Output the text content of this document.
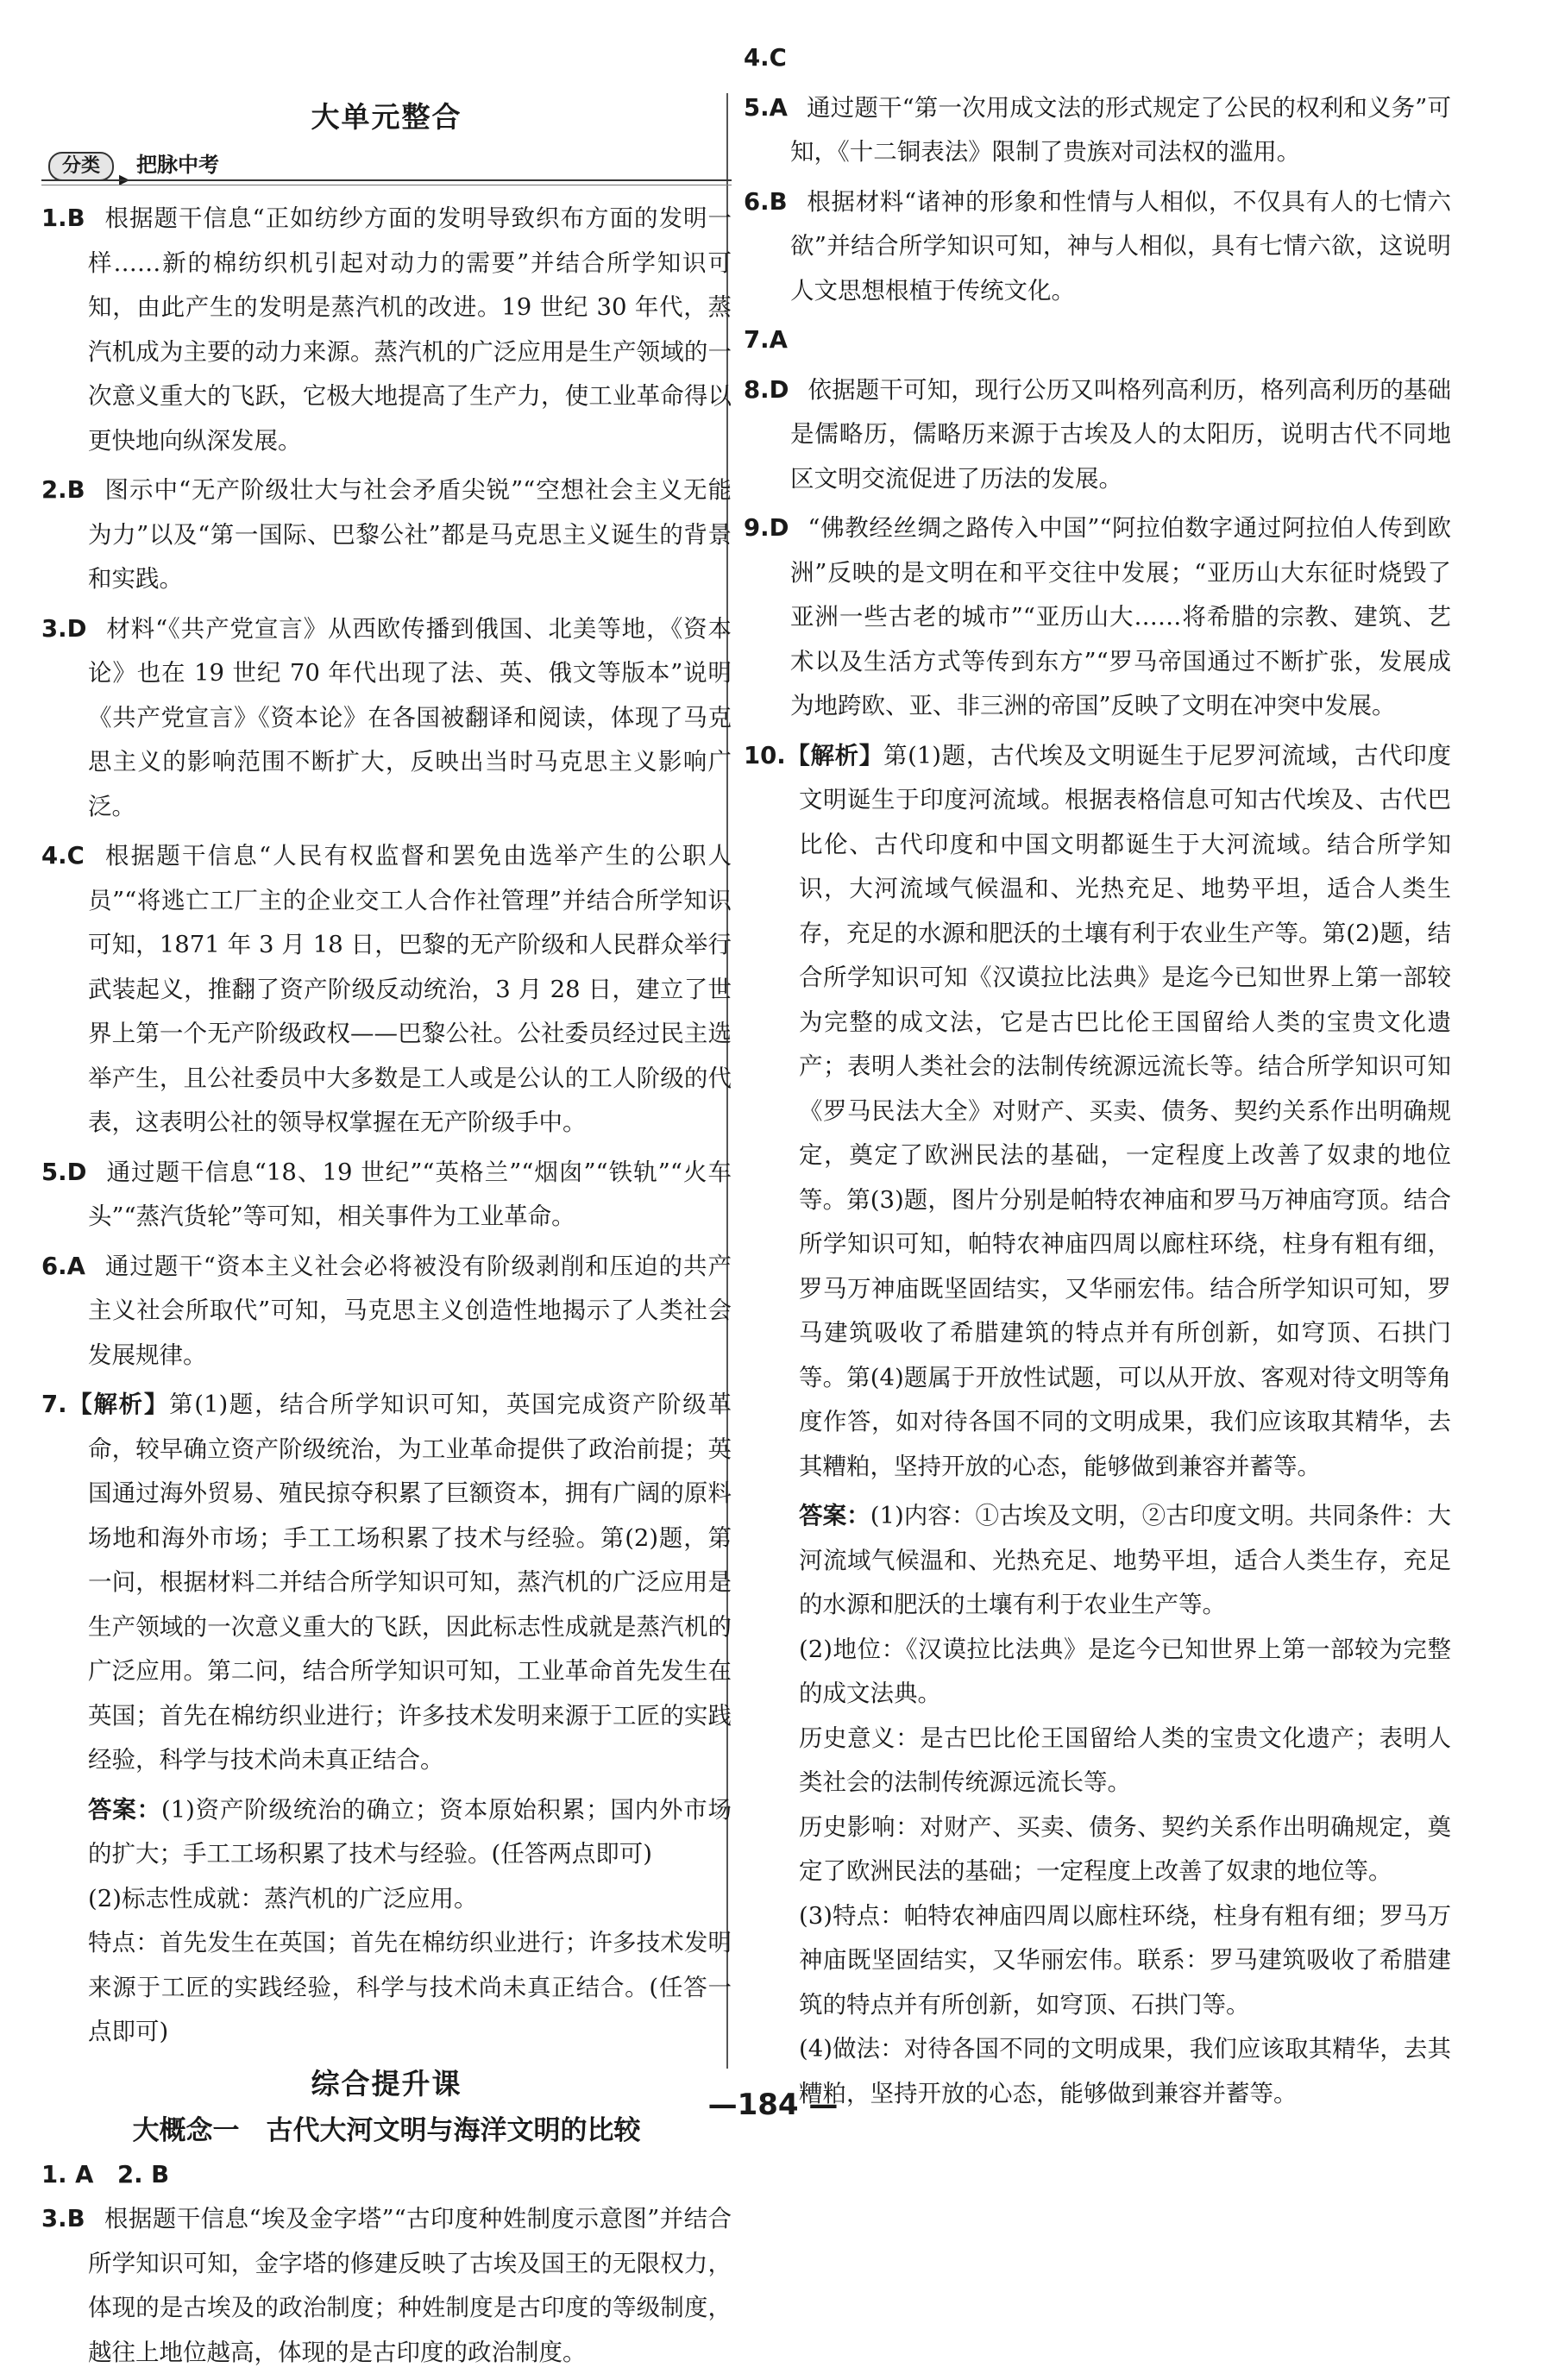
大单元整合
分类	把脉中考

1.B 根据题干信息“正如纺纱方面的发明导致织布方面的发明一样……新的棉纺织机引起对动力的需要”并结合所学知识可知，由此产生的发明是蒸汽机的改进。19 世纪 30 年代，蒸汽机成为主要的动力来源。蒸汽机的广泛应用是生产领域的一次意义重大的飞跃，它极大地提高了生产力，使工业革命得以更快地向纵深发展。

2.B 图示中“无产阶级壮大与社会矛盾尖锐”“空想社会主义无能为力”以及“第一国际、巴黎公社”都是马克思主义诞生的背景和实践。

3.D 材料“《共产党宣言》从西欧传播到俄国、北美等地，《资本论》也在 19 世纪 70 年代出现了法、英、俄文等版本”说明《共产党宣言》《资本论》在各国被翻译和阅读，体现了马克思主义的影响范围不断扩大，反映出当时马克思主义影响广泛。

4.C 根据题干信息“人民有权监督和罢免由选举产生的公职人员”“将逃亡工厂主的企业交工人合作社管理”并结合所学知识可知，1871 年 3 月 18 日，巴黎的无产阶级和人民群众举行武装起义，推翻了资产阶级反动统治，3 月 28 日，建立了世界上第一个无产阶级政权——巴黎公社。公社委员经过民主选举产生，且公社委员中大多数是工人或是公认的工人阶级的代表，这表明公社的领导权掌握在无产阶级手中。

5.D 通过题干信息“18、19 世纪”“英格兰”“烟囱”“铁轨”“火车头”“蒸汽货轮”等可知，相关事件为工业革命。

6.A 通过题干“资本主义社会必将被没有阶级剥削和压迫的共产主义社会所取代”可知，马克思主义创造性地揭示了人类社会发展规律。

7.【解析】第(1)题，结合所学知识可知，英国完成资产阶级革命，较早确立资产阶级统治，为工业革命提供了政治前提；英国通过海外贸易、殖民掠夺积累了巨额资本，拥有广阔的原料场地和海外市场；手工工场积累了技术与经验。第(2)题，第一问，根据材料二并结合所学知识可知，蒸汽机的广泛应用是生产领域的一次意义重大的飞跃，因此标志性成就是蒸汽机的广泛应用。第二问，结合所学知识可知，工业革命首先发生在英国；首先在棉纺织业进行；许多技术发明来源于工匠的实践经验，科学与技术尚未真正结合。

答案：(1)资产阶级统治的确立；资本原始积累；国内外市场的扩大；手工工场积累了技术与经验。(任答两点即可)

(2)标志性成就：蒸汽机的广泛应用。

特点：首先发生在英国；首先在棉纺织业进行；许多技术发明来源于工匠的实践经验，科学与技术尚未真正结合。(任答一点即可)

综合提升课
大概念一　古代大河文明与海洋文明的比较

1. A　2. B

3.B 根据题干信息“埃及金字塔”“古印度种姓制度示意图”并结合所学知识可知，金字塔的修建反映了古埃及国王的无限权力，体现的是古埃及的政治制度；种姓制度是古印度的等级制度，越往上地位越高，体现的是古印度的政治制度。

4.C

5.A 通过题干“第一次用成文法的形式规定了公民的权利和义务”可知，《十二铜表法》限制了贵族对司法权的滥用。

6.B 根据材料“诸神的形象和性情与人相似，不仅具有人的七情六欲”并结合所学知识可知，神与人相似，具有七情六欲，这说明人文思想根植于传统文化。

7.A

8.D 依据题干可知，现行公历又叫格列高利历，格列高利历的基础是儒略历，儒略历来源于古埃及人的太阳历，说明古代不同地区文明交流促进了历法的发展。

9.D “佛教经丝绸之路传入中国”“阿拉伯数字通过阿拉伯人传到欧洲”反映的是文明在和平交往中发展；“亚历山大东征时烧毁了亚洲一些古老的城市”“亚历山大……将希腊的宗教、建筑、艺术以及生活方式等传到东方”“罗马帝国通过不断扩张，发展成为地跨欧、亚、非三洲的帝国”反映了文明在冲突中发展。

10.【解析】第(1)题，古代埃及文明诞生于尼罗河流域，古代印度文明诞生于印度河流域。根据表格信息可知古代埃及、古代巴比伦、古代印度和中国文明都诞生于大河流域。结合所学知识，大河流域气候温和、光热充足、地势平坦，适合人类生存，充足的水源和肥沃的土壤有利于农业生产等。第(2)题，结合所学知识可知《汉谟拉比法典》是迄今已知世界上第一部较为完整的成文法，它是古巴比伦王国留给人类的宝贵文化遗产；表明人类社会的法制传统源远流长等。结合所学知识可知《罗马民法大全》对财产、买卖、债务、契约关系作出明确规定，奠定了欧洲民法的基础，一定程度上改善了奴隶的地位等。第(3)题，图片分别是帕特农神庙和罗马万神庙穹顶。结合所学知识可知，帕特农神庙四周以廊柱环绕，柱身有粗有细，罗马万神庙既坚固结实，又华丽宏伟。结合所学知识可知，罗马建筑吸收了希腊建筑的特点并有所创新，如穹顶、石拱门等。第(4)题属于开放性试题，可以从开放、客观对待文明等角度作答，如对待各国不同的文明成果，我们应该取其精华，去其糟粕，坚持开放的心态，能够做到兼容并蓄等。

答案：(1)内容：①古埃及文明，②古印度文明。共同条件：大河流域气候温和、光热充足、地势平坦，适合人类生存，充足的水源和肥沃的土壤有利于农业生产等。

(2)地位：《汉谟拉比法典》是迄今已知世界上第一部较为完整的成文法典。

历史意义：是古巴比伦王国留给人类的宝贵文化遗产；表明人类社会的法制传统源远流长等。

历史影响：对财产、买卖、债务、契约关系作出明确规定，奠定了欧洲民法的基础；一定程度上改善了奴隶的地位等。

(3)特点：帕特农神庙四周以廊柱环绕，柱身有粗有细；罗马万神庙既坚固结实，又华丽宏伟。联系：罗马建筑吸收了希腊建筑的特点并有所创新，如穹顶、石拱门等。

(4)做法：对待各国不同的文明成果，我们应该取其精华，去其糟粕，坚持开放的心态，能够做到兼容并蓄等。

—184 —
